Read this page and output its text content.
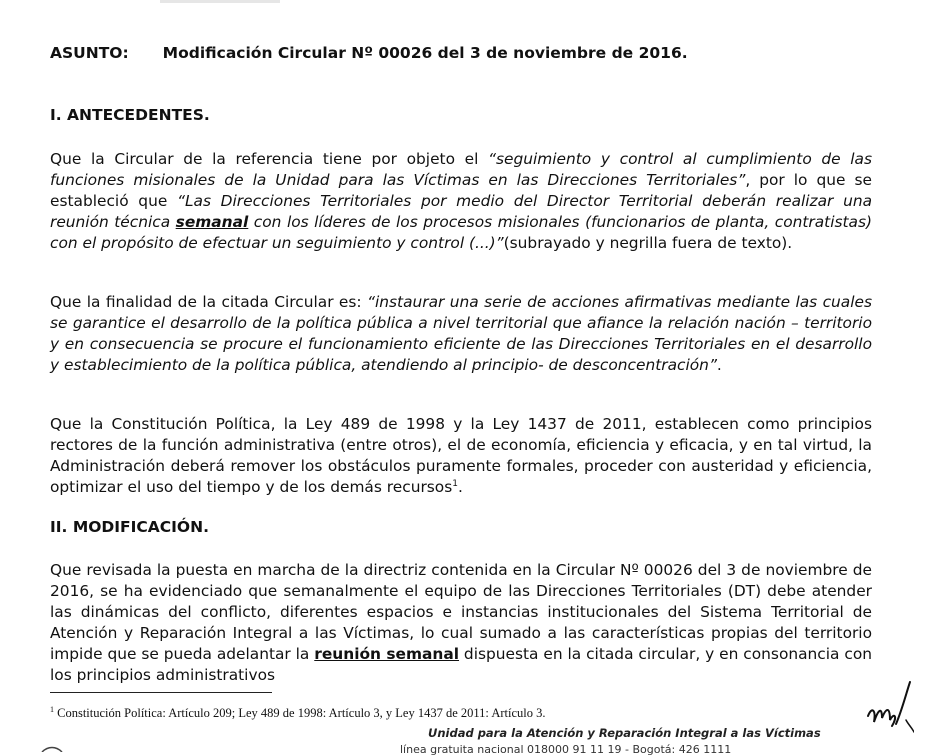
ASUNTO: Modificación Circular Nº 00026 del 3 de noviembre de 2016.
I. ANTECEDENTES.
Que la Circular de la referencia tiene por objeto el “seguimiento y control al cumplimiento de las funciones misionales de la Unidad para las Víctimas en las Direcciones Territoriales”, por lo que se estableció que “Las Direcciones Territoriales por medio del Director Territorial deberán realizar una reunión técnica semanal con los líderes de los procesos misionales (funcionarios de planta, contratistas) con el propósito de efectuar un seguimiento y control (...)”(subrayado y negrilla fuera de texto).
Que la finalidad de la citada Circular es: “instaurar una serie de acciones afirmativas mediante las cuales se garantice el desarrollo de la política pública a nivel territorial que afiance la relación nación – territorio y en consecuencia se procure el funcionamiento eficiente de las Direcciones Territoriales en el desarrollo y establecimiento de la política pública, atendiendo al principio- de desconcentración”.
Que la Constitución Política, la Ley 489 de 1998 y la Ley 1437 de 2011, establecen como principios rectores de la función administrativa (entre otros), el de economía, eficiencia y eficacia, y en tal virtud, la Administración deberá remover los obstáculos puramente formales, proceder con austeridad y eficiencia, optimizar el uso del tiempo y de los demás recursos$^1$.
II. MODIFICACIÓN.
Que revisada la puesta en marcha de la directriz contenida en la Circular Nº 00026 del 3 de noviembre de 2016, se ha evidenciado que semanalmente el equipo de las Direcciones Territoriales (DT) debe atender las dinámicas del conflicto, diferentes espacios e instancias institucionales del Sistema Territorial de Atención y Reparación Integral a las Víctimas, lo cual sumado a las características propias del territorio impide que se pueda adelantar la reunión semanal dispuesta en la citada circular, y en consonancia con los principios administrativos
$^1$ Constitución Política: Artículo 209; Ley 489 de 1998: Artículo 3, y Ley 1437 de 2011: Artículo 3.
Unidad para la Atención y Reparación Integral a las Víctimas
línea gratuita nacional 018000 91 11 19 - Bogotá: 426 1111
